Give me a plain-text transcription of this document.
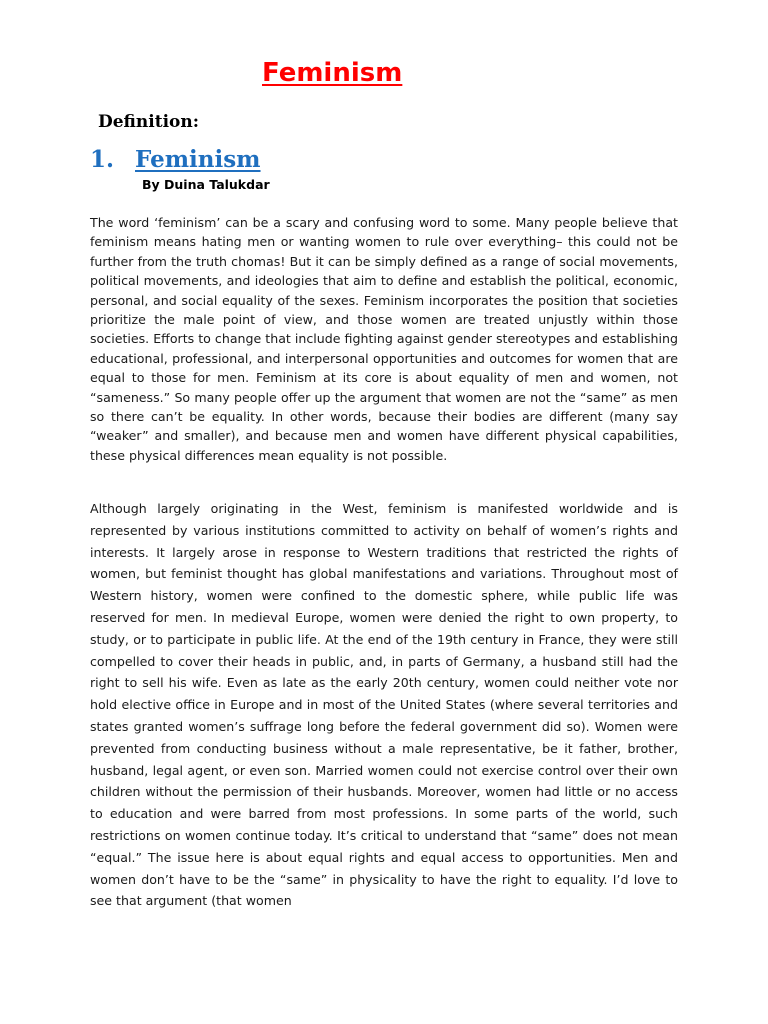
Feminism

Definition:

1. Feminism

By Duina Talukdar

The word ‘feminism’ can be a scary and confusing word to some. Many people believe that feminism means hating men or wanting women to rule over everything– this could not be further from the truth chomas! But it can be simply defined as a range of social movements, political movements, and ideologies that aim to define and establish the political, economic, personal, and social equality of the sexes. Feminism incorporates the position that societies prioritize the male point of view, and those women are treated unjustly within those societies. Efforts to change that include fighting against gender stereotypes and establishing educational, professional, and interpersonal opportunities and outcomes for women that are equal to those for men. Feminism at its core is about equality of men and women, not “sameness.” So many people offer up the argument that women are not the “same” as men so there can’t be equality. In other words, because their bodies are different (many say “weaker” and smaller), and because men and women have different physical capabilities, these physical differences mean equality is not possible.

Although largely originating in the West, feminism is manifested worldwide and is represented by various institutions committed to activity on behalf of women’s rights and interests. It largely arose in response to Western traditions that restricted the rights of women, but feminist thought has global manifestations and variations. Throughout most of Western history, women were confined to the domestic sphere, while public life was reserved for men. In medieval Europe, women were denied the right to own property, to study, or to participate in public life. At the end of the 19th century in France, they were still compelled to cover their heads in public, and, in parts of Germany, a husband still had the right to sell his wife. Even as late as the early 20th century, women could neither vote nor hold elective office in Europe and in most of the United States (where several territories and states granted women’s suffrage long before the federal government did so). Women were prevented from conducting business without a male representative, be it father, brother, husband, legal agent, or even son. Married women could not exercise control over their own children without the permission of their husbands. Moreover, women had little or no access to education and were barred from most professions. In some parts of the world, such restrictions on women continue today. It’s critical to understand that “same” does not mean “equal.” The issue here is about equal rights and equal access to opportunities. Men and women don’t have to be the “same” in physicality to have the right to equality. I’d love to see that argument (that women
